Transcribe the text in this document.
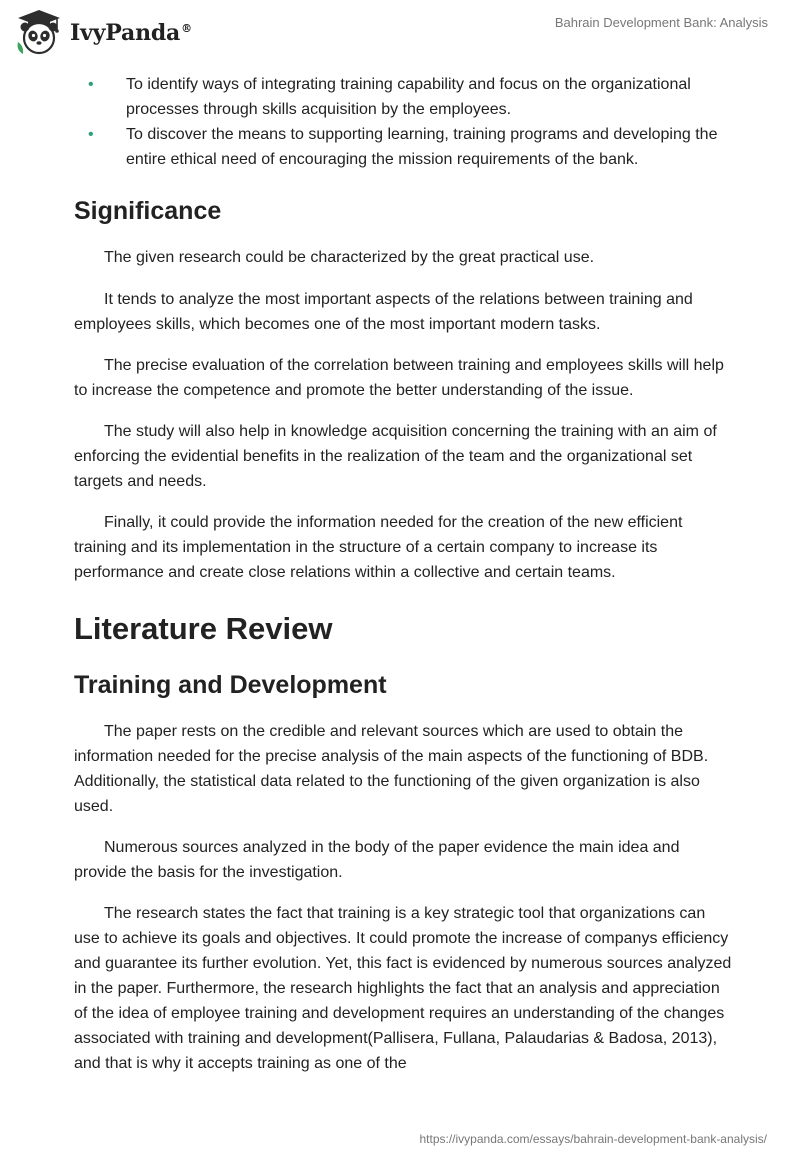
IvyPanda®	Bahrain Development Bank: Analysis
• To identify ways of integrating training capability and focus on the organizational processes through skills acquisition by the employees.
• To discover the means to supporting learning, training programs and developing the entire ethical need of encouraging the mission requirements of the bank.
Significance

The given research could be characterized by the great practical use.

It tends to analyze the most important aspects of the relations between training and employees skills, which becomes one of the most important modern tasks.

The precise evaluation of the correlation between training and employees skills will help to increase the competence and promote the better understanding of the issue.

The study will also help in knowledge acquisition concerning the training with an aim of enforcing the evidential benefits in the realization of the team and the organizational set targets and needs.

Finally, it could provide the information needed for the creation of the new efficient training and its implementation in the structure of a certain company to increase its performance and create close relations within a collective and certain teams.

Literature Review
Training and Development

The paper rests on the credible and relevant sources which are used to obtain the information needed for the precise analysis of the main aspects of the functioning of BDB. Additionally, the statistical data related to the functioning of the given organization is also used.

Numerous sources analyzed in the body of the paper evidence the main idea and provide the basis for the investigation.

The research states the fact that training is a key strategic tool that organizations can use to achieve its goals and objectives. It could promote the increase of companys efficiency and guarantee its further evolution. Yet, this fact is evidenced by numerous sources analyzed in the paper. Furthermore, the research highlights the fact that an analysis and appreciation of the idea of employee training and development requires an understanding of the changes associated with training and development(Pallisera, Fullana, Palaudarias & Badosa, 2013), and that is why it accepts training as one of the

https://ivypanda.com/essays/bahrain-development-bank-analysis/
